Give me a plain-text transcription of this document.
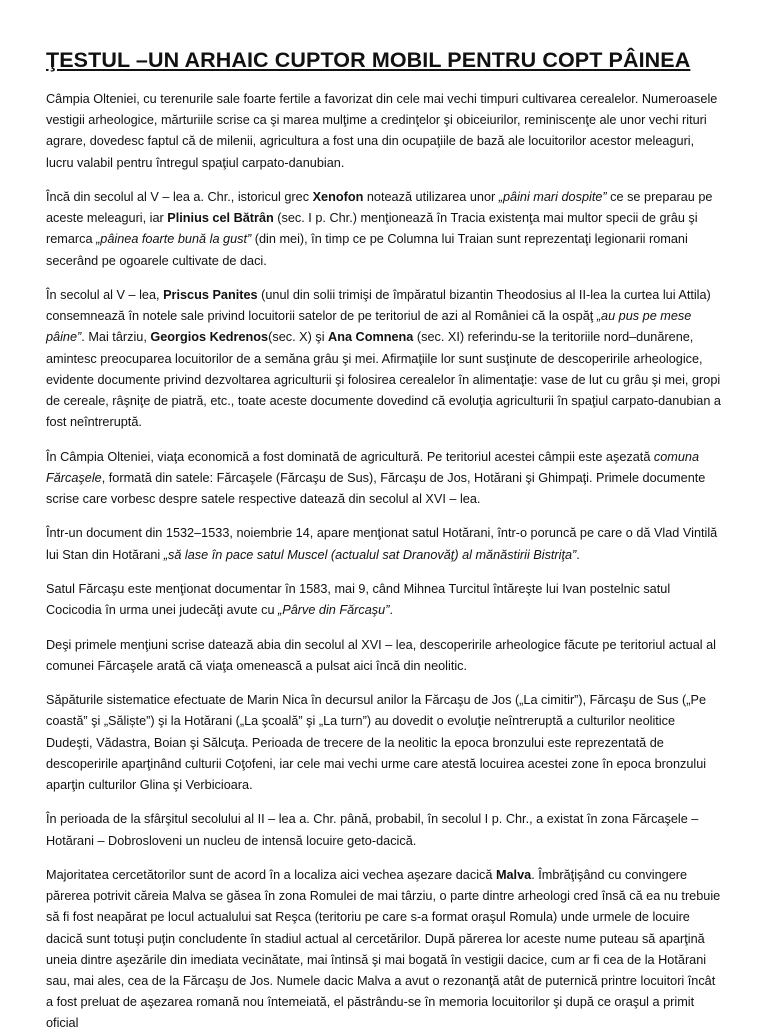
ŢESTUL –UN ARHAIC CUPTOR MOBIL PENTRU COPT PÂINEA

Câmpia Olteniei, cu terenurile sale foarte fertile a favorizat din cele mai vechi timpuri cultivarea cerealelor. Numeroasele vestigii arheologice, mărturiile scrise ca şi marea mulţime a credinţelor şi obiceiurilor, reminiscenţe ale unor vechi rituri agrare, dovedesc faptul că de milenii, agricultura a fost una din ocupaţiile de bază ale locuitorilor acestor meleaguri, lucru valabil pentru întregul spaţiul carpato-danubian.

Încă din secolul al V – lea a. Chr., istoricul grec Xenofon notează utilizarea unor „pâini mari dospite” ce se preparau pe aceste meleaguri, iar Plinius cel Bătrân (sec. I p. Chr.) menţionează în Tracia existenţa mai multor specii de grâu şi remarca „pâinea foarte bună la gust” (din mei), în timp ce pe Columna lui Traian sunt reprezentaţi legionarii romani secerând pe ogoarele cultivate de daci.

În secolul al V – lea, Priscus Panites (unul din solii trimişi de împăratul bizantin Theodosius al II-lea la curtea lui Attila) consemnează în notele sale privind locuitorii satelor de pe teritoriul de azi al României că la ospăţ „au pus pe mese pâine”. Mai târziu, Georgios Kedrenos(sec. X) şi Ana Comnena (sec. XI) referindu-se la teritoriile nord–dunărene, amintesc preocuparea locuitorilor de a semăna grâu şi mei. Afirmaţiile lor sunt susţinute de descoperirile arheologice, evidente documente privind dezvoltarea agriculturii şi folosirea cerealelor în alimentaţie: vase de lut cu grâu şi mei, gropi de cereale, râşniţe de piatră, etc., toate aceste documente dovedind că evoluţia agriculturii în spaţiul carpato-danubian a fost neîntreruptă.

În Câmpia Olteniei, viaţa economică a fost dominată de agricultură. Pe teritoriul acestei câmpii este aşezată comuna Fărcaşele, formată din satele: Fărcaşele (Fărcaşu de Sus), Fărcaşu de Jos, Hotărani şi Ghimpaţi. Primele documente scrise care vorbesc despre satele respective datează din secolul al XVI – lea.

Într-un document din 1532–1533, noiembrie 14, apare menţionat satul Hotărani, într-o poruncă pe care o dă Vlad Vintilă lui Stan din Hotărani „să lase în pace satul Muscel (actualul sat Dranovăţ) al mănăstirii Bistriţa”.

Satul Fărcaşu este menţionat documentar în 1583, mai 9, când Mihnea Turcitul întăreşte lui Ivan postelnic satul Cocicodia în urma unei judecăţi avute cu „Pârve din Fărcaşu”.

Deşi primele menţiuni scrise datează abia din secolul al XVI – lea, descoperirile arheologice făcute pe teritoriul actual al comunei Fărcaşele arată că viaţa omenească a pulsat aici încă din neolitic.

Săpăturile sistematice efectuate de Marin Nica în decursul anilor la Fărcaşu de Jos („La cimitir”), Fărcaşu de Sus („Pe coastă” şi „Săliște”) şi la Hotărani („La şcoală” şi „La turn”) au dovedit o evoluţie neîntreruptă a culturilor neolitice Dudeşti, Vădastra, Boian şi Sălcuţa. Perioada de trecere de la neolitic la epoca bronzului este reprezentată de descoperirile aparţinând culturii Coţofeni, iar cele mai vechi urme care atestă locuirea acestei zone în epoca bronzului aparţin culturilor Glina şi Verbicioara.

În perioada de la sfârşitul secolului al II – lea a. Chr. până, probabil, în secolul I p. Chr., a existat în zona Fărcaşele – Hotărani – Dobrosloveni un nucleu de intensă locuire geto-dacică.

Majoritatea cercetătorilor sunt de acord în a localiza aici vechea aşezare dacică Malva. Îmbrăţişând cu convingere părerea potrivit căreia Malva se găsea în zona Romulei de mai târziu, o parte dintre arheologi cred însă că ea nu trebuie să fi fost neapărat pe locul actualului sat Reşca (teritoriu pe care s-a format oraşul Romula) unde urmele de locuire dacică sunt totuşi puţin concludente în stadiul actual al cercetărilor. După părerea lor aceste nume puteau să aparţină uneia dintre aşezările din imediata vecinătate, mai întinsă şi mai bogată în vestigii dacice, cum ar fi cea de la Hotărani sau, mai ales, cea de la Fărcaşu de Jos. Numele dacic Malva a avut o rezonanţă atât de puternică printre locuitori încât a fost preluat de aşezarea romană nou întemeiată, el păstrându-se în memoria locuitorilor şi după ce oraşul a primit oficial
